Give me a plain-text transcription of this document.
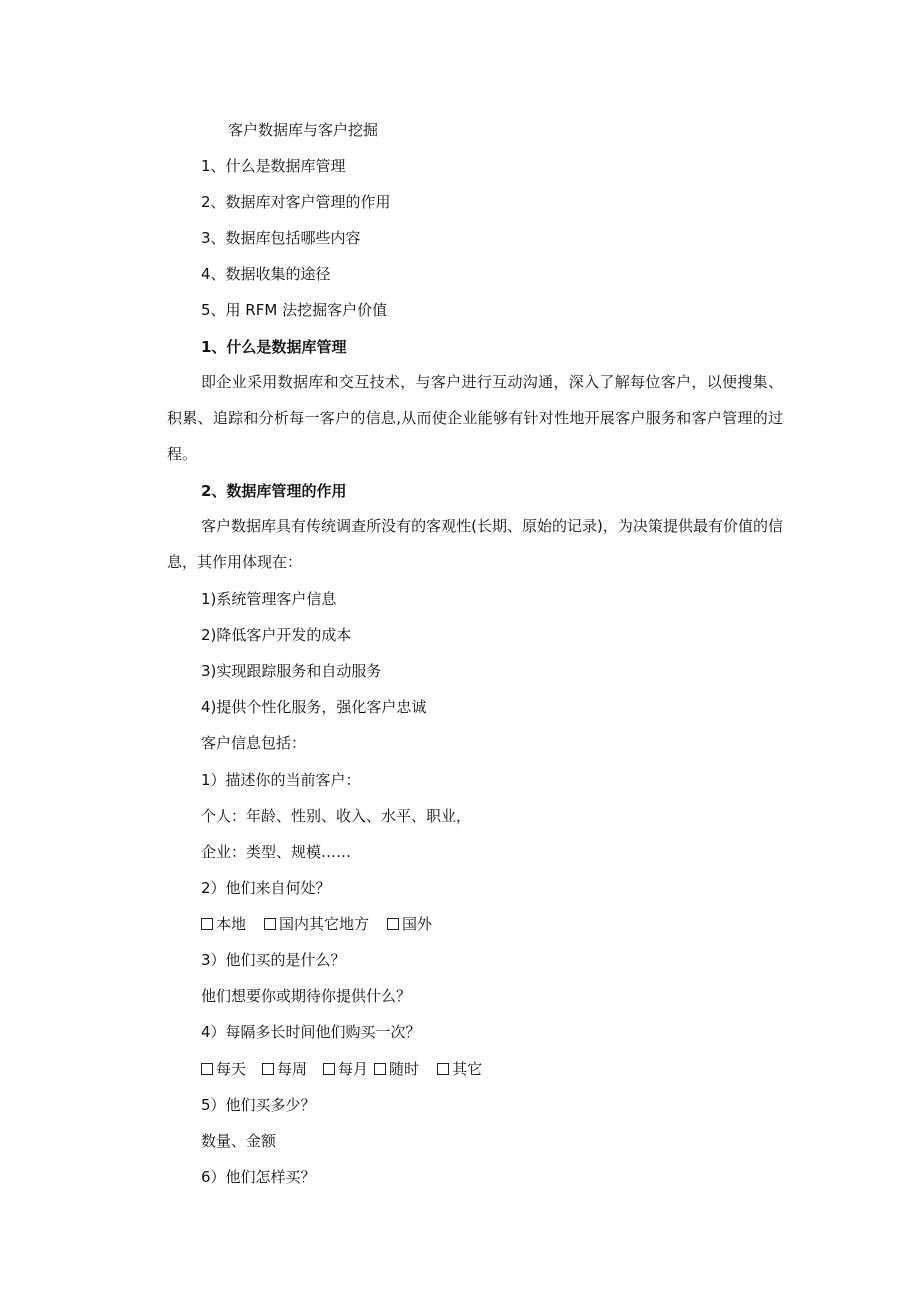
客户数据库与客户挖掘
1、什么是数据库管理
2、数据库对客户管理的作用
3、数据库包括哪些内容
4、数据收集的途径
5、用 RFM 法挖掘客户价值
1、什么是数据库管理
即企业采用数据库和交互技术，与客户进行互动沟通，深入了解每位客户，以便搜集、积累、追踪和分析每一客户的信息,从而使企业能够有针对性地开展客户服务和客户管理的过程。
2、数据库管理的作用
客户数据库具有传统调查所没有的客观性(长期、原始的记录)，为决策提供最有价值的信息，其作用体现在：
1)系统管理客户信息
2)降低客户开发的成本
3)实现跟踪服务和自动服务
4)提供个性化服务，强化客户忠诚
客户信息包括：
1）描述你的当前客户：
个人：年龄、性别、收入、水平、职业，
企业：类型、规模……
2）他们来自何处？
本地 国内其它地方 国外
3）他们买的是什么？
他们想要你或期待你提供什么？
4）每隔多长时间他们购买一次？
每天 每周 每月 随时 其它
5）他们买多少？
数量、金额
6）他们怎样买？
